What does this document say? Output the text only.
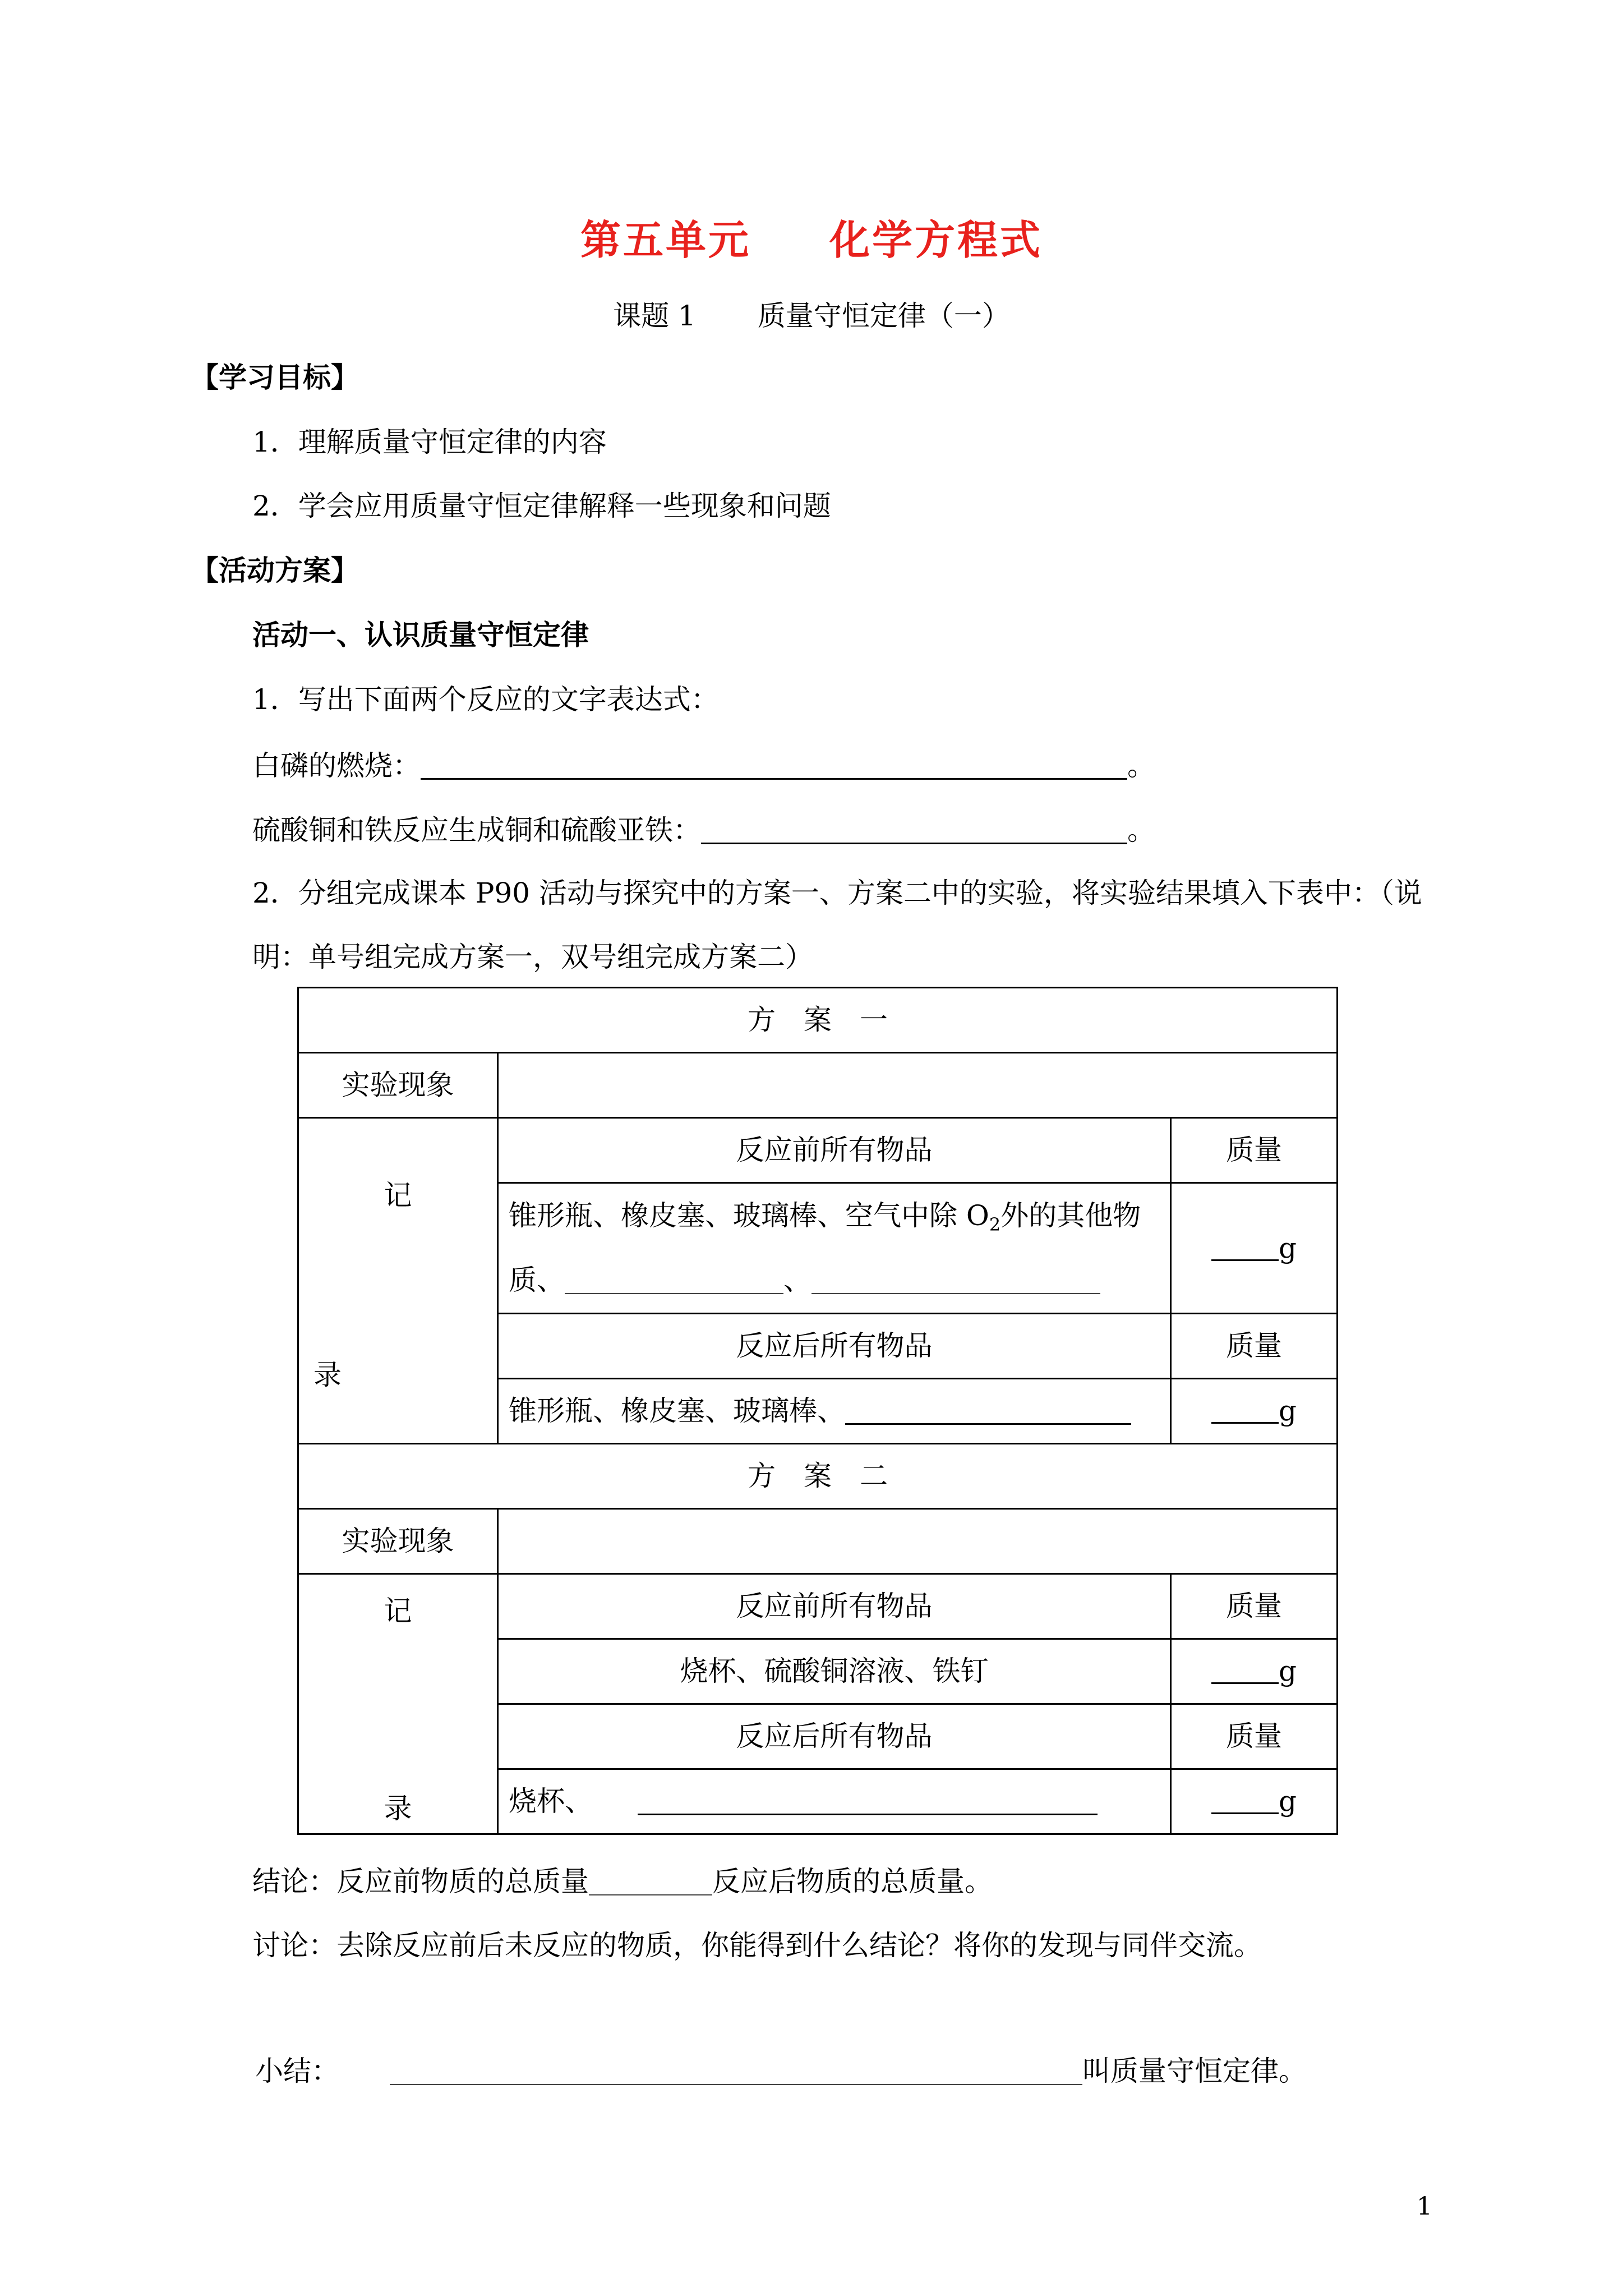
第五单元 化学方程式
课题 1 质量守恒定律（一）
【学习目标】
1．理解质量守恒定律的内容
2．学会应用质量守恒定律解释一些现象和问题
【活动方案】
活动一、认识质量守恒定律
1．写出下面两个反应的文字表达式：
白磷的燃烧：	。
硫酸铜和铁反应生成铜和硫酸亚铁：	。
2．分组完成课本 P90 活动与探究中的方案一、方案二中的实验，将实验结果填入下表中：（说
明：单号组完成方案一，双号组完成方案二）
方　案　一		
实验现象		

记
录	反应前所有物品	质量
	锥形瓶、橡皮塞、玻璃棒、空气中除 $O_2$外的其他物
质、 、	g
	反应后所有物品	质量
	锥形瓶、橡皮塞、玻璃棒、	g
方　案　二		
实验现象		

记
录	反应前所有物品	质量
	烧杯、硫酸铜溶液、铁钉	g
	反应后所有物品	质量
	烧杯、	g
结论：反应前物质的总质量	反应后物质的总质量。
讨论：去除反应前后未反应的物质，你能得到什么结论？将你的发现与同伴交流。
小结：	叫质量守恒定律。
1
